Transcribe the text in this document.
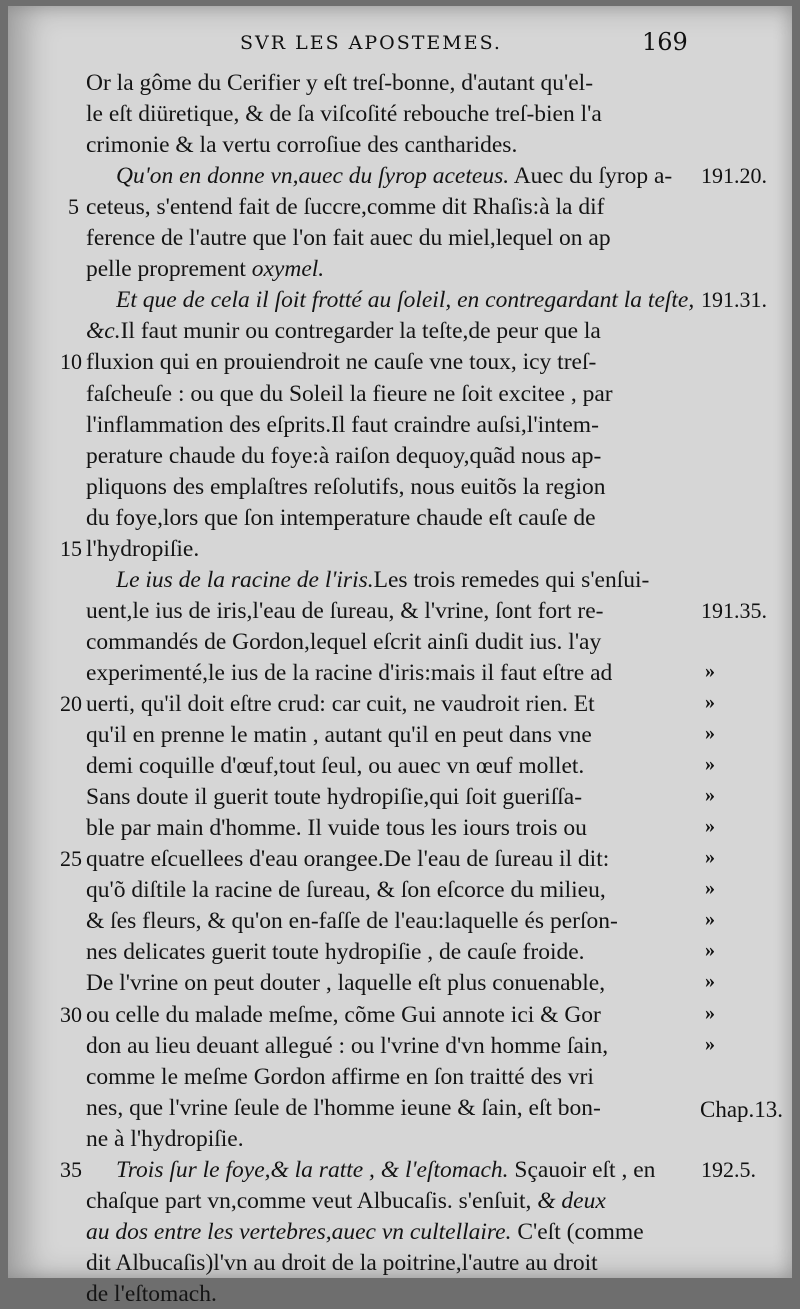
SVR LES APOSTEMES.	169
Or la gôme du Cerifier y eſt treſ-bonne, d'autant qu'el-
le eſt diüretique, & de ſa viſcoſité rebouche treſ-bien l'a
crimonie & la vertu corroſiue des cantharides.
Qu'on en donne vn,auec du ſyrop aceteus. Auec du ſyrop a-
ceteus, s'entend fait de ſuccre,comme dit Rhaſis:à la dif
ference de l'autre que l'on fait auec du miel,lequel on ap
pelle proprement oxymel.
Et que de cela il ſoit frotté au ſoleil, en contregardant la teſte,
&c.Il faut munir ou contregarder la teſte,de peur que la
fluxion qui en prouiendroit ne cauſe vne toux, icy treſ-
faſcheuſe : ou que du Soleil la fieure ne ſoit excitee , par
l'inflammation des eſprits.Il faut craindre auſsi,l'intem-
perature chaude du foye:à raiſon dequoy,quãd nous ap-
pliquons des emplaſtres reſolutifs, nous euitõs la region
du foye,lors que ſon intemperature chaude eſt cauſe de
l'hydropiſie.
Le ius de la racine de l'iris.Les trois remedes qui s'enſui-
uent,le ius de iris,l'eau de ſureau, & l'vrine, ſont fort re-
commandés de Gordon,lequel eſcrit ainſi dudit ius. l'ay
experimenté,le ius de la racine d'iris:mais il faut eſtre ad
uerti, qu'il doit eſtre crud: car cuit, ne vaudroit rien. Et
qu'il en prenne le matin , autant qu'il en peut dans vne
demi coquille d'œuf,tout ſeul, ou auec vn œuf mollet.
Sans doute il guerit toute hydropiſie,qui ſoit gueriſſa-
ble par main d'homme. Il vuide tous les iours trois ou
quatre eſcuellees d'eau orangee.De l'eau de ſureau il dit:
qu'õ diſtile la racine de ſureau, & ſon eſcorce du milieu,
& ſes fleurs, & qu'on en-faſſe de l'eau:laquelle és perſon-
nes delicates guerit toute hydropiſie , de cauſe froide.
De l'vrine on peut douter , laquelle eſt plus conuenable,
ou celle du malade meſme, cõme Gui annote ici & Gor
don au lieu deuant allegué : ou l'vrine d'vn homme ſain,
comme le meſme Gordon affirme en ſon traitté des vri
nes, que l'vrine ſeule de l'homme ieune & ſain, eſt bon-
ne à l'hydropiſie.
Trois ſur le foye,& la ratte , & l'eſtomach. Sçauoir eſt , en
chaſque part vn,comme veut Albucaſis. s'enſuit, & deux
au dos entre les vertebres,auec vn cultellaire. C'eſt (comme
dit Albucaſis)l'vn au droit de la poitrine,l'autre au droit
de l'eſtomach.
5
10
15
20
25
30
35
191.20.
191.31.
191.35.
192.5.
»
»
»
»
»
»
»
»
»
»
»
»
»
Chap.13.
